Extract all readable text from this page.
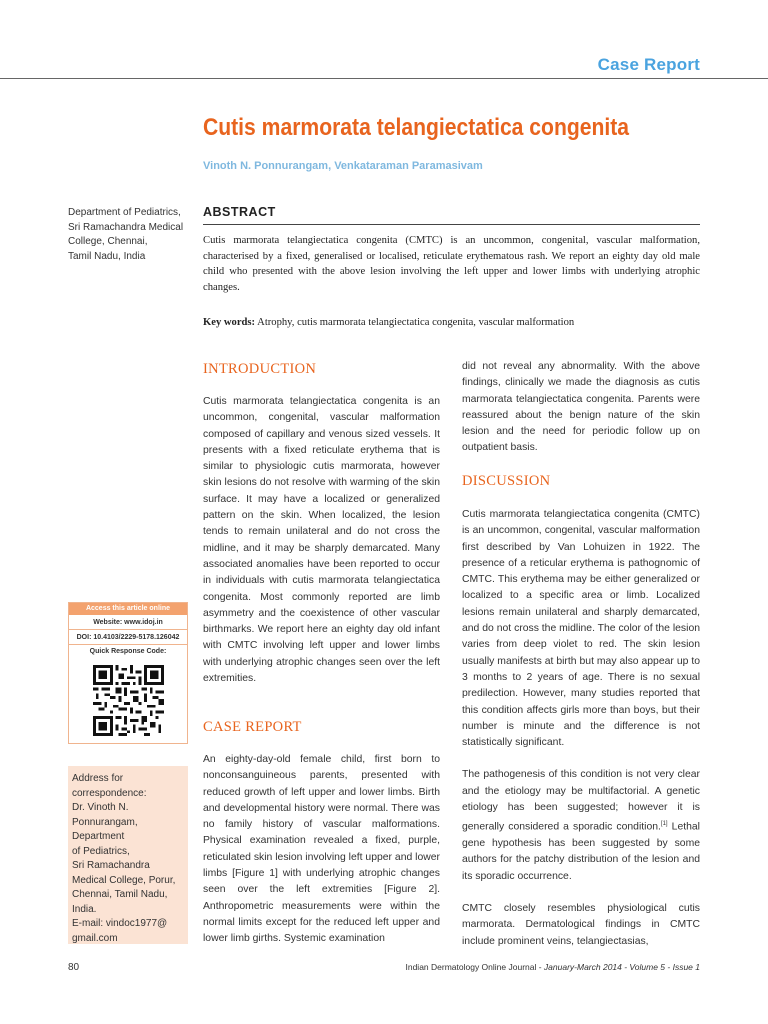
Case Report
Cutis marmorata telangiectatica congenita
Vinoth N. Ponnurangam, Venkataraman Paramasivam
Department of Pediatrics,
Sri Ramachandra Medical
College, Chennai,
Tamil Nadu, India
ABSTRACT
Cutis marmorata telangiectatica congenita (CMTC) is an uncommon, congenital, vascular malformation, characterised by a fixed, generalised or localised, reticulate erythematous rash. We report an eighty day old male child who presented with the above lesion involving the left upper and lower limbs with underlying atrophic changes.
Key words: Atrophy, cutis marmorata telangiectatica congenita, vascular malformation
INTRODUCTION

Cutis marmorata telangiectatica congenita is an uncommon, congenital, vascular malformation composed of capillary and venous sized vessels. It presents with a fixed reticulate erythema that is similar to physiologic cutis marmorata, however skin lesions do not resolve with warming of the skin surface. It may have a localized or generalized pattern on the skin. When localized, the lesion tends to remain unilateral and do not cross the midline, and it may be sharply demarcated. Many associated anomalies have been reported to occur in individuals with cutis marmorata telangiectatica congenita. Most commonly reported are limb asymmetry and the coexistence of other vascular birthmarks. We report here an eighty day old infant with CMTC involving left upper and lower limbs with underlying atrophic changes seen over the left extremities.

CASE REPORT

An eighty-day-old female child, first born to nonconsanguineous parents, presented with reduced growth of left upper and lower limbs. Birth and developmental history were normal. There was no family history of vascular malformations. Physical examination revealed a fixed, purple, reticulated skin lesion involving left upper and lower limbs [Figure 1] with underlying atrophic changes seen over the left extremities [Figure 2]. Anthropometric measurements were within the normal limits except for the reduced left upper and lower limb girths. Systemic examination

did not reveal any abnormality. With the above findings, clinically we made the diagnosis as cutis marmorata telangiectatica congenita. Parents were reassured about the benign nature of the skin lesion and the need for periodic follow up on outpatient basis.

DISCUSSION

Cutis marmorata telangiectatica congenita (CMTC) is an uncommon, congenital, vascular malformation first described by Van Lohuizen in 1922. The presence of a reticular erythema is pathognomic of CMTC. This erythema may be either generalized or localized to a specific area or limb. Localized lesions remain unilateral and sharply demarcated, and do not cross the midline. The color of the lesion varies from deep violet to red. The skin lesion usually manifests at birth but may also appear up to 3 months to 2 years of age. There is no sexual predilection. However, many studies reported that this condition affects girls more than boys, but their number is minute and the difference is not statistically significant.

The pathogenesis of this condition is not very clear and the etiology may be multifactorial. A genetic etiology has been suggested; however it is generally considered a sporadic condition.[1] Lethal gene hypothesis has been suggested by some authors for the patchy distribution of the lesion and its sporadic occurrence.

CMTC closely resembles physiological cutis marmorata. Dermatological findings in CMTC include prominent veins, telangiectasias,

Access this article online
Website: www.idoj.in
DOI: 10.4103/2229-5178.126042
Quick Response Code:
Address for
correspondence:
Dr. Vinoth N.
Ponnurangam,
Department
of Pediatrics,
Sri Ramachandra
Medical College, Porur,
Chennai, Tamil Nadu,
India.
E-mail: vindoc1977@
gmail.com
80	Indian Dermatology Online Journal - January-March 2014 - Volume 5 - Issue 1
